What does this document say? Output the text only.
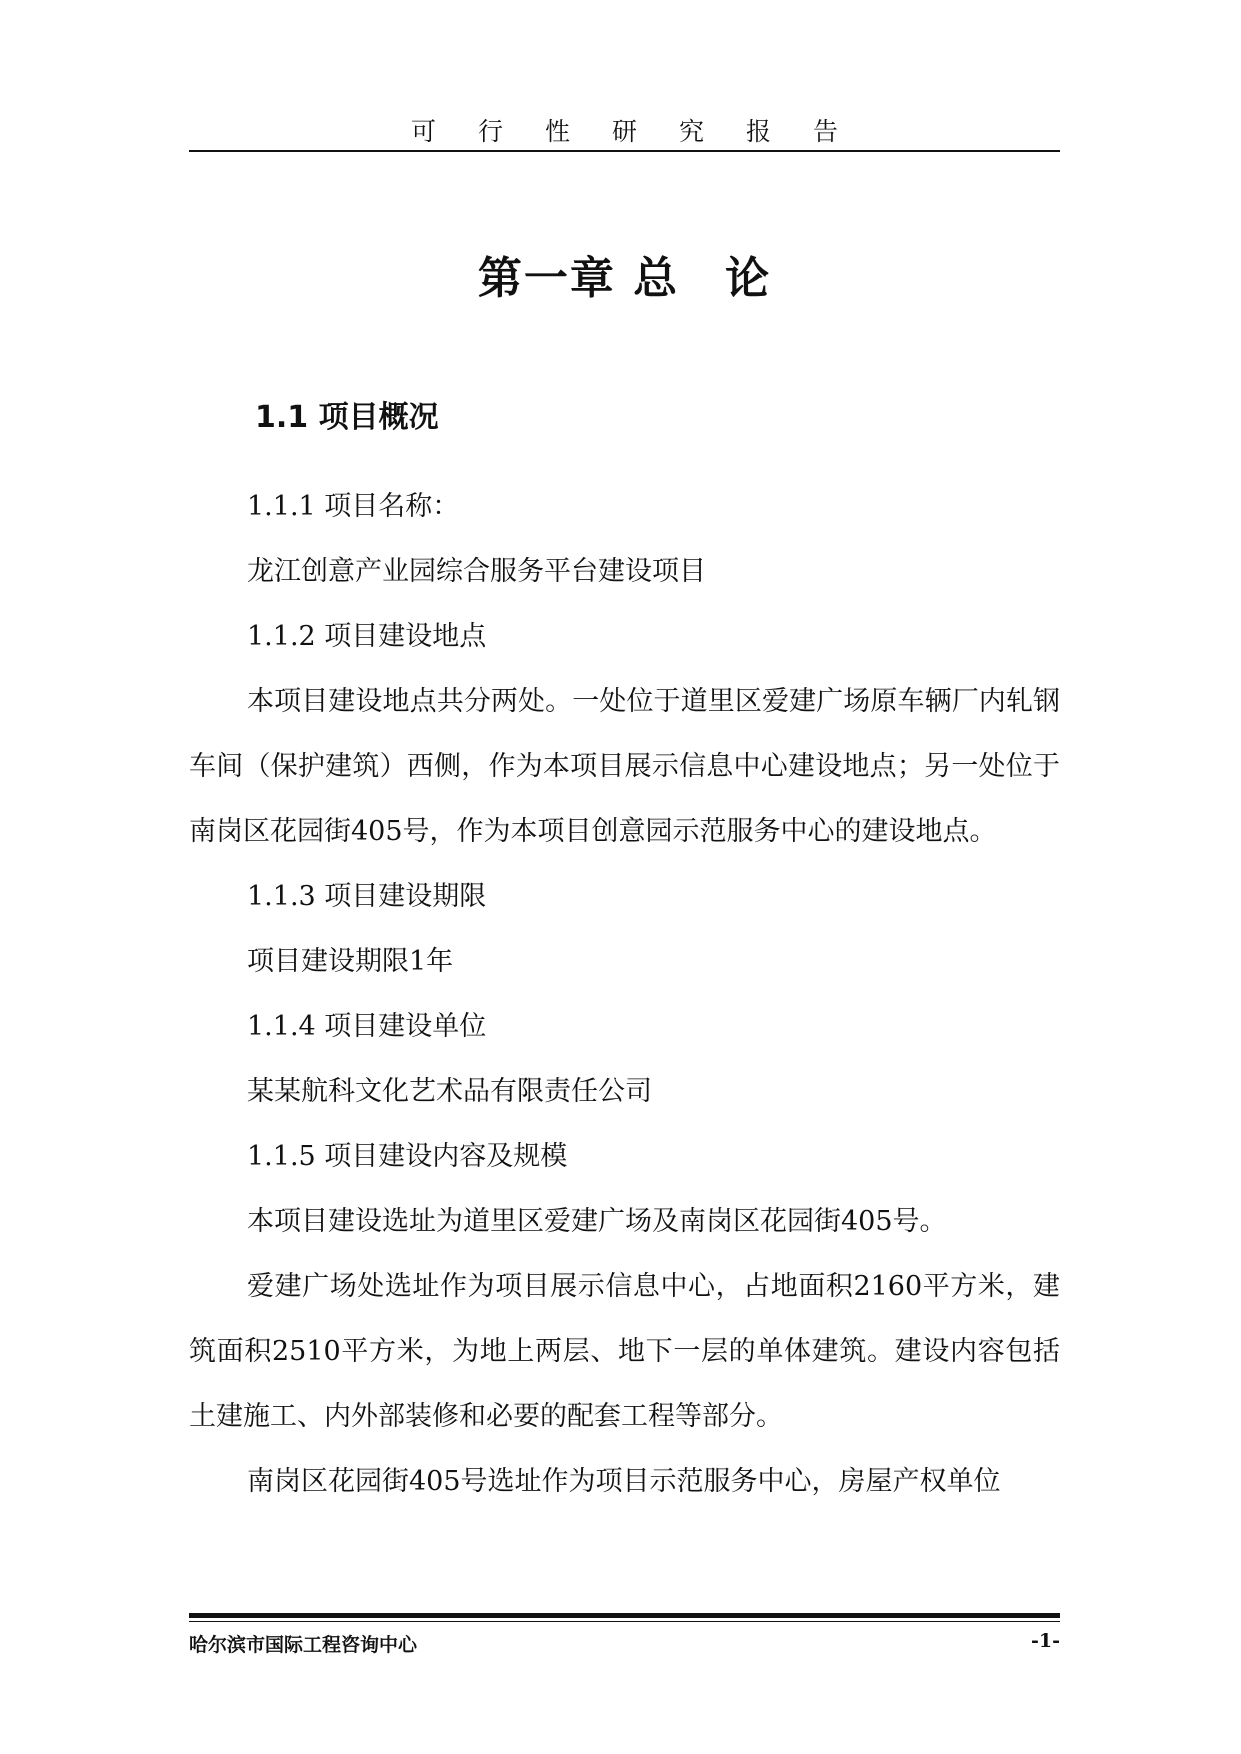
可行性研究报告
第一章 总　论
1.1 项目概况

1.1.1 项目名称：

龙江创意产业园综合服务平台建设项目

1.1.2 项目建设地点

本项目建设地点共分两处。一处位于道里区爱建广场原车辆厂内轧钢车间（保护建筑）西侧，作为本项目展示信息中心建设地点；另一处位于南岗区花园街405号，作为本项目创意园示范服务中心的建设地点。

1.1.3 项目建设期限

项目建设期限1年

1.1.4 项目建设单位

某某航科文化艺术品有限责任公司

1.1.5 项目建设内容及规模

本项目建设选址为道里区爱建广场及南岗区花园街405号。

爱建广场处选址作为项目展示信息中心，占地面积2160平方米，建筑面积2510平方米，为地上两层、地下一层的单体建筑。建设内容包括土建施工、内外部装修和必要的配套工程等部分。

南岗区花园街405号选址作为项目示范服务中心，房屋产权单位

哈尔滨市国际工程咨询中心	-1-
